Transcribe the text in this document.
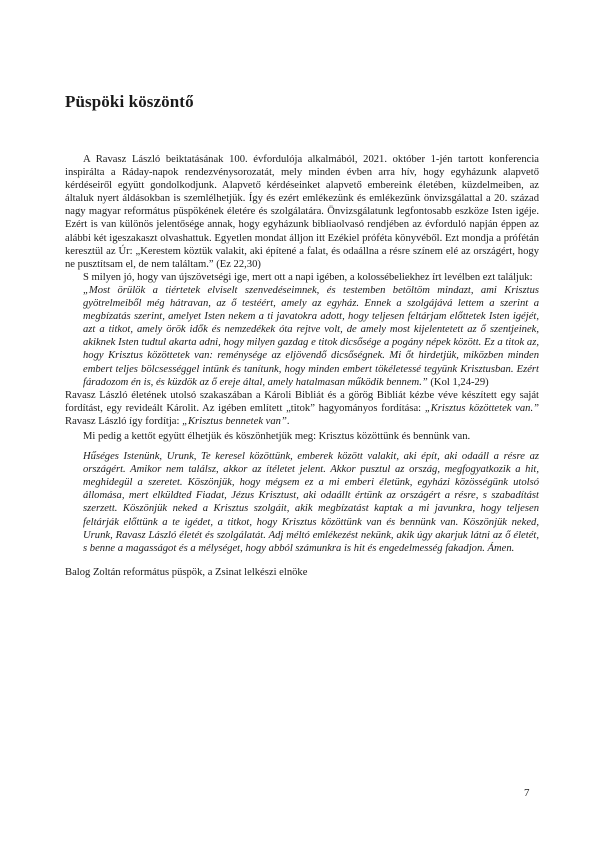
Püspöki köszöntő

A Ravasz László beiktatásának 100. évfordulója alkalmából, 2021. október 1-jén tartott konferencia inspirálta a Ráday-napok rendezvénysorozatát, mely minden évben arra hív, hogy egyházunk alapvető kérdéseiről együtt gondolkodjunk. Alapvető kérdéseinket alapvető embereink életében, küzdelmeiben, az általuk nyert áldásokban is szemlélhetjük. Így és ezért emlékezünk és emlékezünk önvizsgálattal a 20. század nagy magyar református püspökének életére és szolgálatára. Önvizsgálatunk legfontosabb eszköze Isten igéje. Ezért is van különös jelentősége annak, hogy egyházunk bibliaolvasó rendjében az évforduló napján éppen az alábbi két igeszakaszt olvashattuk. Egyetlen mondat álljon itt Ezékiel próféta könyvéből. Ezt mondja a prófétán keresztül az Úr: „Kerestem köztük valakit, aki építené a falat, és odaállna a résre színem elé az országért, hogy ne pusztítsam el, de nem találtam.” (Ez 22,30)

S milyen jó, hogy van újszövetségi ige, mert ott a napi igében, a kolossébeliekhez írt levélben ezt találjuk:

„Most örülök a tiértetek elviselt szenvedéseimnek, és testemben betöltöm mindazt, ami Krisztus gyötrelmeiből még hátravan, az ő testéért, amely az egyház. Ennek a szolgájává lettem a szerint a megbízatás szerint, amelyet Isten nekem a ti javatokra adott, hogy teljesen feltárjam előttetek Isten igéjét, azt a titkot, amely örök idők és nemzedékek óta rejtve volt, de amely most kijelentetett az ő szentjeinek, akiknek Isten tudtul akarta adni, hogy milyen gazdag e titok dicsősége a pogány népek között. Ez a titok az, hogy Krisztus közöttetek van: reménysége az eljövendő dicsőségnek. Mi őt hirdetjük, miközben minden embert teljes bölcsességgel intünk és tanítunk, hogy minden embert tökéletessé tegyünk Krisztusban. Ezért fáradozom én is, és küzdök az ő ereje által, amely hatalmasan működik bennem.” (Kol 1,24-29)

Ravasz László életének utolsó szakaszában a Károli Bibliát és a görög Bibliát kézbe véve készített egy saját fordítást, egy revideált Károlit. Az igében említett „titok” hagyományos fordítása: „Krisztus közöttetek van.” Ravasz László így fordítja: „Krisztus bennetek van”.

Mi pedig a kettőt együtt élhetjük és köszönhetjük meg: Krisztus közöttünk és bennünk van.

Hűséges Istenünk, Urunk, Te keresel közöttünk, emberek között valakit, aki épít, aki odaáll a résre az országért. Amikor nem találsz, akkor az ítéletet jelent. Akkor pusztul az ország, megfogyatkozik a hit, meghidegül a szeretet. Köszönjük, hogy mégsem ez a mi emberi életünk, egyházi közösségünk utolsó állomása, mert elküldted Fiadat, Jézus Krisztust, aki odaállt értünk az országért a résre, s szabadítást szerzett. Köszönjük neked a Krisztus szolgáit, akik megbízatást kaptak a mi javunkra, hogy teljesen feltárják előttünk a te igédet, a titkot, hogy Krisztus közöttünk van és bennünk van. Köszönjük neked, Urunk, Ravasz László életét és szolgálatát. Adj méltó emlékezést nekünk, akik úgy akarjuk látni az ő életét, s benne a magasságot és a mélységet, hogy abból számunkra is hit és engedelmesség fakadjon. Ámen.

Balog Zoltán református püspök, a Zsinat lelkészi elnöke

7
